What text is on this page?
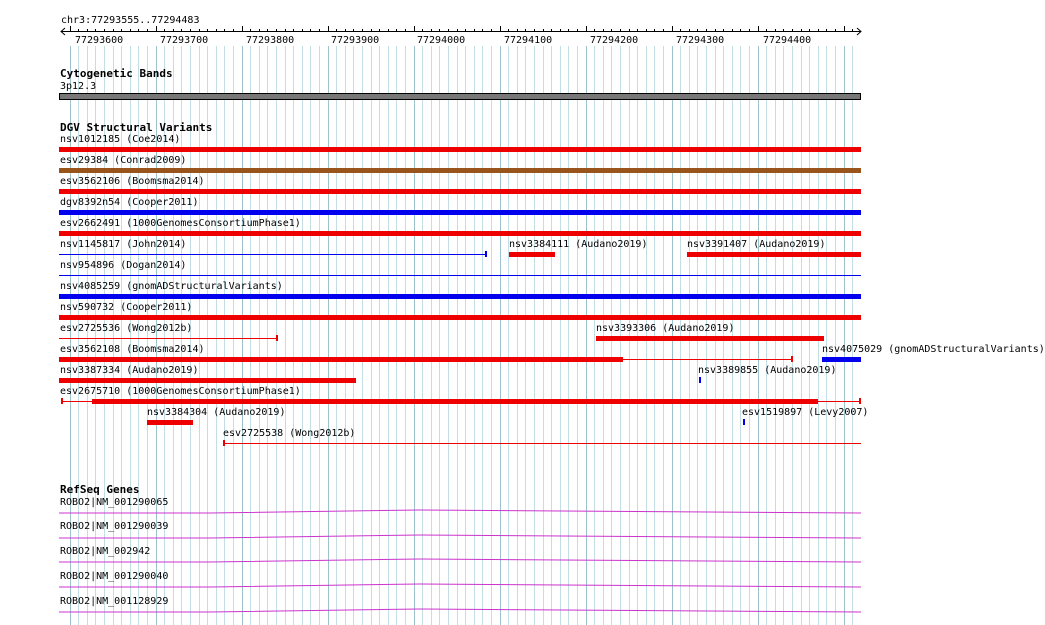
chr3:77293555..77294483
77293600	77293700	77293800	77293900	77294000	77294100	77294200	77294300	77294400
Cytogenetic Bands
3p12.3
DGV Structural Variants
nsv1012185 (Coe2014)
esv29384 (Conrad2009)
esv3562106 (Boomsma2014)
dgv8392n54 (Cooper2011)
esv2662491 (1000GenomesConsortiumPhase1)
nsv1145817 (John2014)	nsv3384111 (Audano2019)	nsv3391407 (Audano2019)
nsv954896 (Dogan2014)
nsv4085259 (gnomADStructuralVariants)
nsv590732 (Cooper2011)
esv2725536 (Wong2012b)	nsv3393306 (Audano2019)
esv3562108 (Boomsma2014)	nsv4075029 (gnomADStructuralVariants)
nsv3387334 (Audano2019)	nsv3389855 (Audano2019)
esv2675710 (1000GenomesConsortiumPhase1)
nsv3384304 (Audano2019)	esv1519897 (Levy2007)
esv2725538 (Wong2012b)
RefSeq Genes
ROBO2|NM_001290065
ROBO2|NM_001290039
ROBO2|NM_002942
ROBO2|NM_001290040
ROBO2|NM_001128929
